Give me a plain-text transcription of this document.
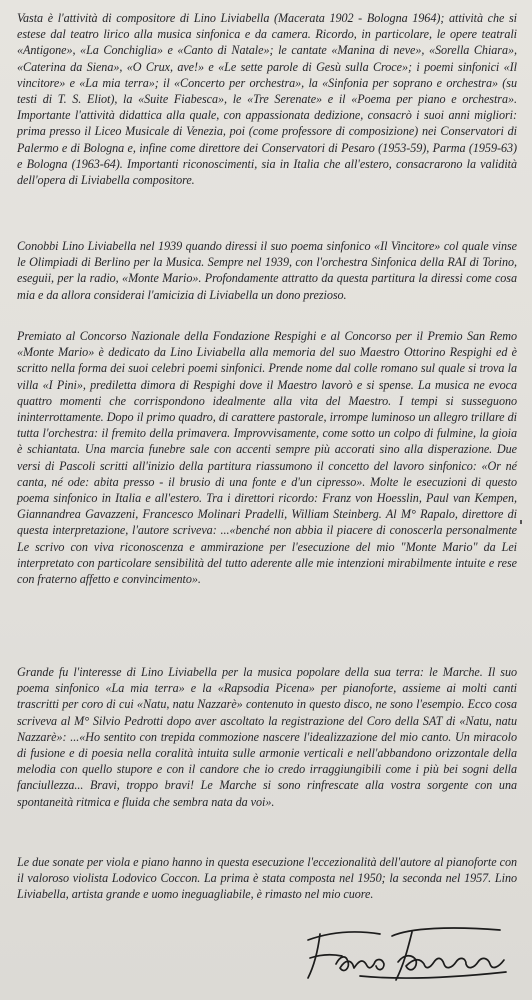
Vasta è l'attività di compositore di Lino Liviabella (Macerata 1902 - Bologna 1964); attività che si estese dal teatro lirico alla musica sinfonica e da camera. Ricordo, in particolare, le opere teatrali «Antigone», «La Conchiglia» e «Canto di Natale»; le cantate «Manina di neve», «Sorella Chiara», «Caterina da Siena», «O Crux, ave!» e «Le sette parole di Gesù sulla Croce»; i poemi sinfonici «Il vincitore» e «La mia terra»; il «Concerto per orchestra», la «Sinfonia per soprano e orchestra» (su testi di T. S. Eliot), la «Suite Fiabesca», le «Tre Serenate» e il «Poema per piano e orchestra». Importante l'attività didattica alla quale, con appassionata dedizione, consacrò i suoi anni migliori: prima presso il Liceo Musicale di Venezia, poi (come professore di composizione) nei Conservatori di Palermo e di Bologna e, infine come direttore dei Conservatori di Pesaro (1953-59), Parma (1959-63) e Bologna (1963-64). Importanti riconoscimenti, sia in Italia che all'estero, consacrarono la validità dell'opera di Liviabella compositore.

Conobbi Lino Liviabella nel 1939 quando diressi il suo poema sinfonico «Il Vincitore» col quale vinse le Olimpiadi di Berlino per la Musica. Sempre nel 1939, con l'orchestra Sinfonica della RAI di Torino, eseguii, per la radio, «Monte Mario». Profondamente attratto da questa partitura la diressi come cosa mia e da allora considerai l'amicizia di Liviabella un dono prezioso.

Premiato al Concorso Nazionale della Fondazione Respighi e al Concorso per il Premio San Remo «Monte Mario» è dedicato da Lino Liviabella alla memoria del suo Maestro Ottorino Respighi ed è scritto nella forma dei suoi celebri poemi sinfonici. Prende nome dal colle romano sul quale si trova la villa «I Pini», prediletta dimora di Respighi dove il Maestro lavorò e si spense. La musica ne evoca quattro momenti che corrispondono idealmente alla vita del Maestro. I tempi si susseguono ininterrottamente. Dopo il primo quadro, di carattere pastorale, irrompe luminoso un allegro trillare di tutta l'orchestra: il fremito della primavera. Improvvisamente, come sotto un colpo di fulmine, la gioia è schiantata. Una marcia funebre sale con accenti sempre più accorati sino alla disperazione. Due versi di Pascoli scritti all'inizio della partitura riassumono il concetto del lavoro sinfonico: «Or né canta, né ode: abita presso - il brusio di una fonte e d'un cipresso». Molte le esecuzioni di questo poema sinfonico in Italia e all'estero. Tra i direttori ricordo: Franz von Hoesslin, Paul van Kempen, Giannandrea Gavazzeni, Francesco Molinari Pradelli, William Steinberg. Al M° Rapalo, direttore di questa interpretazione, l'autore scriveva: ...«benché non abbia il piacere di conoscerla personalmente Le scrivo con viva riconoscenza e ammirazione per l'esecuzione del mio "Monte Mario" da Lei interpretato con particolare sensibilità del tutto aderente alle mie intenzioni mirabilmente intuite e rese con fraterno affetto e convincimento».

Grande fu l'interesse di Lino Liviabella per la musica popolare della sua terra: le Marche. Il suo poema sinfonico «La mia terra» e la «Rapsodia Picena» per pianoforte, assieme ai molti canti trascritti per coro di cui «Natu, natu Nazzarè» contenuto in questo disco, ne sono l'esempio. Ecco cosa scriveva al M° Silvio Pedrotti dopo aver ascoltato la registrazione del Coro della SAT di «Natu, natu Nazzarè»: ...«Ho sentito con trepida commozione nascere l'idealizzazione del mio canto. Un miracolo di fusione e di poesia nella coralità intuita sulle armonie verticali e nell'abbandono orizzontale della melodia con quello stupore e con il candore che io credo irraggiungibili come i più bei sogni della fanciullezza... Bravi, troppo bravi! Le Marche si sono rinfrescate alla vostra sorgente con una spontaneità ritmica e fluida che sembra nata da voi».

Le due sonate per viola e piano hanno in questa esecuzione l'eccezionalità dell'autore al pianoforte con il valoroso violista Lodovico Coccon. La prima è stata composta nel 1950; la seconda nel 1957. Lino Liviabella, artista grande e uomo ineguagliabile, è rimasto nel mio cuore.
